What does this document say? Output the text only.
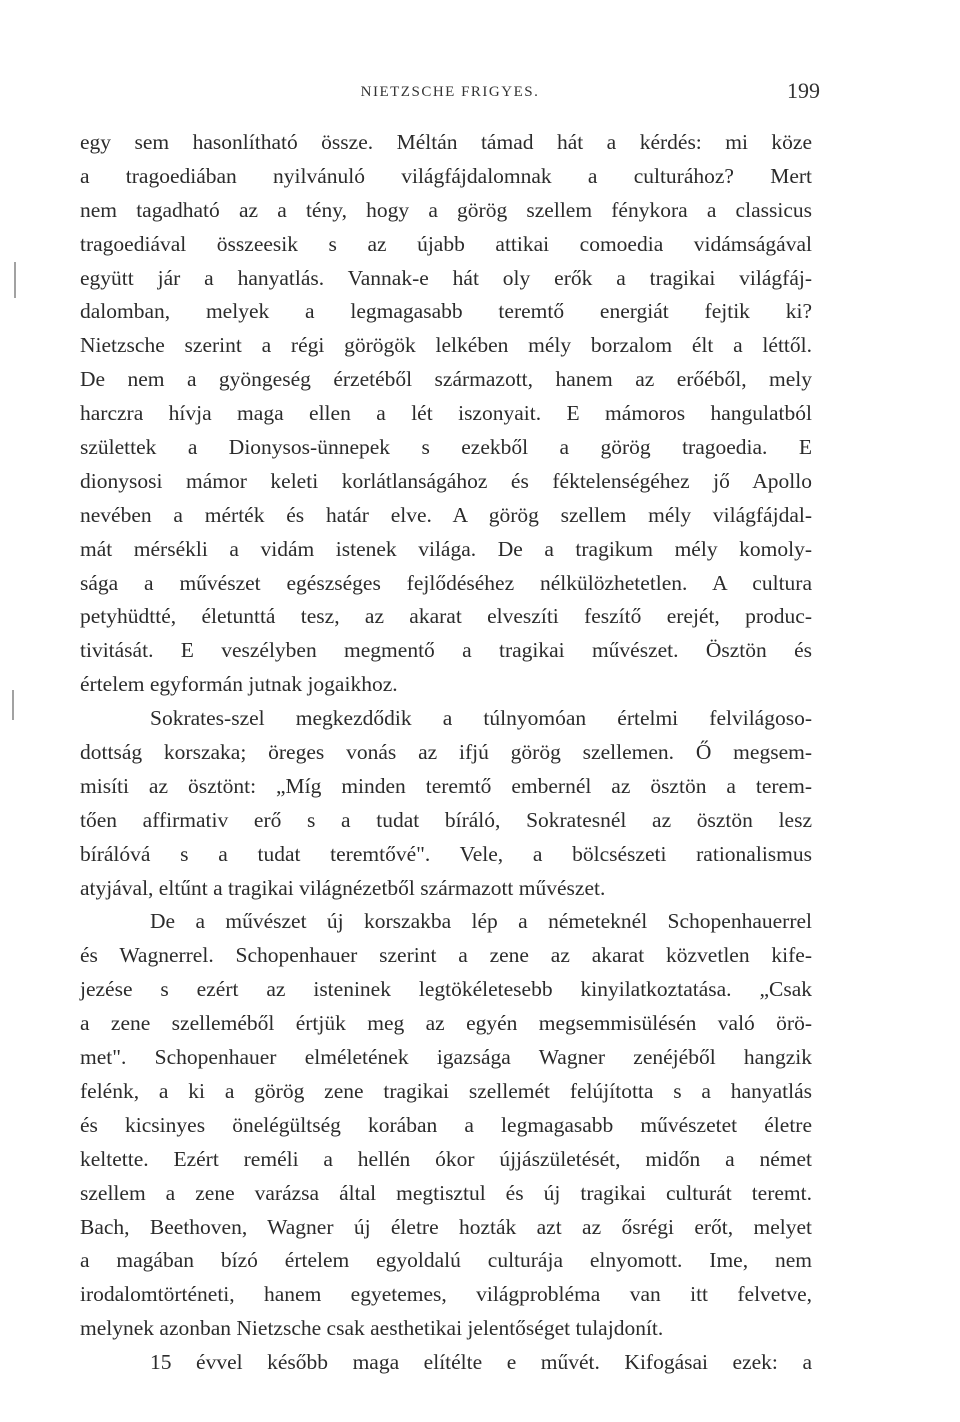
NIETZSCHE FRIGYES.	199
egy sem hasonlítható össze. Méltán támad hát a kérdés: mi köze
a tragoediában nyilvánuló világfájdalomnak a culturához? Mert
nem tagadható az a tény, hogy a görög szellem fénykora a classicus
tragoediával összeesik s az újabb attikai comoedia vidámságával
együtt jár a hanyatlás. Vannak-e hát oly erők a tragikai világfáj-
dalomban, melyek a legmagasabb teremtő energiát fejtik ki?
Nietzsche szerint a régi görögök lelkében mély borzalom élt a léttől.
De nem a gyöngeség érzetéből származott, hanem az erőéből, mely
harczra hívja maga ellen a lét iszonyait. E mámoros hangulatból
születtek a Dionysos-ünnepek s ezekből a görög tragoedia. E
dionysosi mámor keleti korlátlanságához és féktelenségéhez jő Apollo
nevében a mérték és határ elve. A görög szellem mély világfájdal-
mát mérsékli a vidám istenek világa. De a tragikum mély komoly-
sága a művészet egészséges fejlődéséhez nélkülözhetetlen. A cultura
petyhüdtté, életunttá tesz, az akarat elveszíti feszítő erejét, produc-
tivitását. E veszélyben megmentő a tragikai művészet. Ösztön és
értelem egyformán jutnak jogaikhoz.
Sokrates-szel megkezdődik a túlnyomóan értelmi felvilágoso-
dottság korszaka; öreges vonás az ifjú görög szellemen. Ő megsem-
misíti az ösztönt: „Míg minden teremtő embernél az ösztön a terem-
tően affirmativ erő s a tudat bíráló, Sokratesnél az ösztön lesz
bírálóvá s a tudat teremtővé". Vele, a bölcsészeti rationalismus
atyjával, eltűnt a tragikai világnézetből származott művészet.
De a művészet új korszakba lép a németeknél Schopenhauerrel
és Wagnerrel. Schopenhauer szerint a zene az akarat közvetlen kife-
jezése s ezért az isteninek legtökéletesebb kinyilatkoztatása. „Csak
a zene szelleméből értjük meg az egyén megsemmisülésén való örö-
met". Schopenhauer elméletének igazsága Wagner zenéjéből hangzik
felénk, a ki a görög zene tragikai szellemét felújította s a hanyatlás
és kicsinyes önelégültség korában a legmagasabb művészetet életre
keltette. Ezért reméli a hellén ókor újjászületését, midőn a német
szellem a zene varázsa által megtisztul és új tragikai culturát teremt.
Bach, Beethoven, Wagner új életre hozták azt az ősrégi erőt, melyet
a magában bízó értelem egyoldalú culturája elnyomott. Ime, nem
irodalomtörténeti, hanem egyetemes, világprobléma van itt felvetve,
melynek azonban Nietzsche csak aesthetikai jelentőséget tulajdonít.
15 évvel később maga elítélte e művét. Kifogásai ezek: a
